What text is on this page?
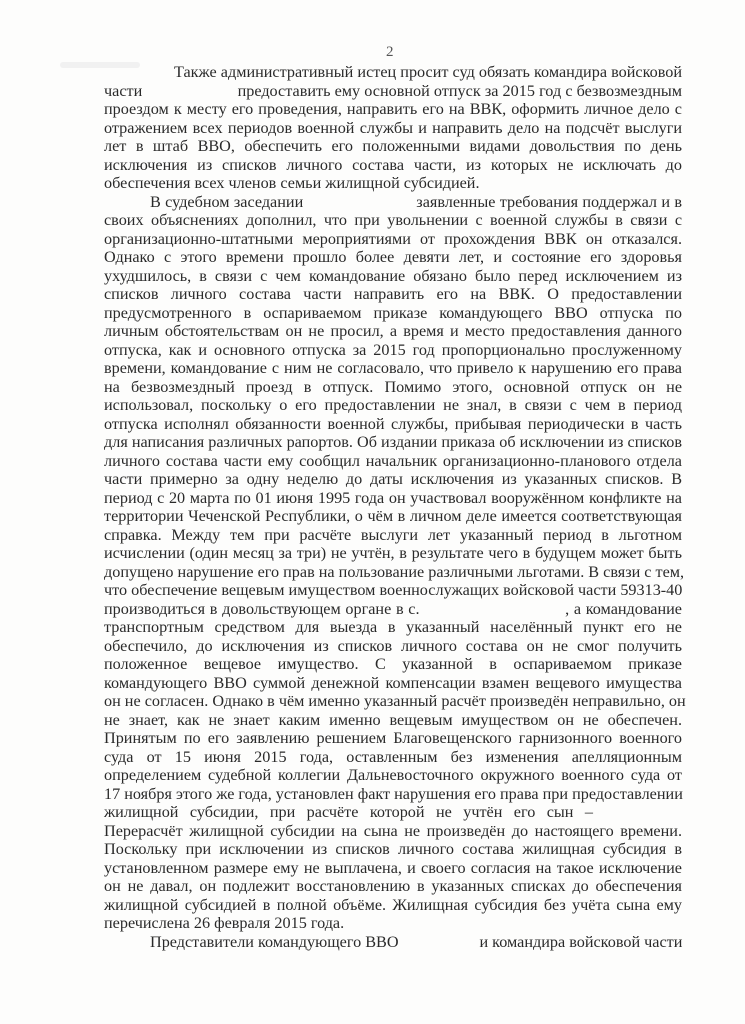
2
Также административный истец просит суд обязать командира войсковой
части                       предоставить ему основной отпуск за 2015 год с безвозмездным
проездом к месту его проведения, направить его на ВВК, оформить личное дело с
отражением всех периодов военной службы и направить дело на подсчёт выслуги
лет в штаб ВВО, обеспечить его положенными видами довольствия по день
исключения из списков личного состава части, из которых не исключать до
обеспечения всех членов семьи жилищной субсидией.
В судебном заседании                          заявленные требования поддержал и в
своих объяснениях дополнил, что при увольнении с военной службы в связи с
организационно-штатными мероприятиями от прохождения ВВК он отказался.
Однако с этого времени прошло более девяти лет, и состояние его здоровья
ухудшилось, в связи с чем командование обязано было перед исключением из
списков личного состава части направить его на ВВК. О предоставлении
предусмотренного в оспариваемом приказе командующего ВВО отпуска по
личным обстоятельствам он не просил, а время и место предоставления данного
отпуска, как и основного отпуска за 2015 год пропорционально прослуженному
времени, командование с ним не согласовало, что привело к нарушению его права
на безвозмездный проезд в отпуск. Помимо этого, основной отпуск он не
использовал, поскольку о его предоставлении не знал, в связи с чем в период
отпуска исполнял обязанности военной службы, прибывая периодически в часть
для написания различных рапортов. Об издании приказа об исключении из списков
личного состава части ему сообщил начальник организационно-планового отдела
части примерно за одну неделю до даты исключения из указанных списков. В
период с 20 марта по 01 июня 1995 года он участвовал вооружённом конфликте на
территории Чеченской Республики, о чём в личном деле имеется соответствующая
справка. Между тем при расчёте выслуги лет указанный период в льготном
исчислении (один месяц за три) не учтён, в результате чего в будущем может быть
допущено нарушение его прав на пользование различными льготами. В связи с тем,
что обеспечение вещевым имуществом военнослужащих войсковой части 59313-40
производиться в довольствующем органе в с.                               , а командование
транспортным средством для выезда в указанный населённый пункт его не
обеспечило, до исключения из списков личного состава он не смог получить
положенное вещевое имущество. С указанной в оспариваемом приказе
командующего ВВО суммой денежной компенсации взамен вещевого имущества
он не согласен. Однако в чём именно указанный расчёт произведён неправильно, он
не знает, как не знает каким именно вещевым имуществом он не обеспечен.
Принятым по его заявлению решением Благовещенского гарнизонного военного
суда от 15 июня 2015 года, оставленным без изменения апелляционным
определением судебной коллегии Дальневосточного окружного военного суда от
17 ноября этого же года, установлен факт нарушения его права при предоставлении
жилищной субсидии, при расчёте которой не учтён его сын –
Перерасчёт жилищной субсидии на сына не произведён до настоящего времени.
Поскольку при исключении из списков личного состава жилищная субсидия в
установленном размере ему не выплачена, и своего согласия на такое исключение
он не давал, он подлежит восстановлению в указанных списках до обеспечения
жилищной субсидией в полной объёме. Жилищная субсидия без учёта сына ему
перечислена 26 февраля 2015 года.
Представители командующего ВВО                    и командира войсковой части
